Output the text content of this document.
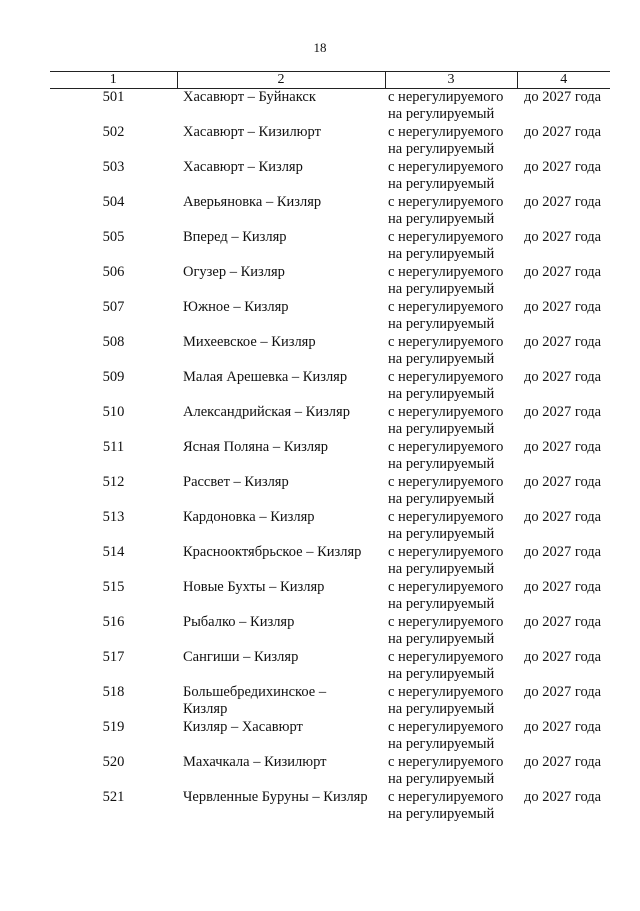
18
1	2	3	4
501	Хасавюрт – Буйнакск	с нерегулируемого
на регулируемый	до 2027 года
502	Хасавюрт – Кизилюрт	с нерегулируемого
на регулируемый	до 2027 года
503	Хасавюрт – Кизляр	с нерегулируемого
на регулируемый	до 2027 года
504	Аверьяновка – Кизляр	с нерегулируемого
на регулируемый	до 2027 года
505	Вперед – Кизляр	с нерегулируемого
на регулируемый	до 2027 года
506	Огузер – Кизляр	с нерегулируемого
на регулируемый	до 2027 года
507	Южное – Кизляр	с нерегулируемого
на регулируемый	до 2027 года
508	Михеевское – Кизляр	с нерегулируемого
на регулируемый	до 2027 года
509	Малая Арешевка – Кизляр	с нерегулируемого
на регулируемый	до 2027 года
510	Александрийская – Кизляр	с нерегулируемого
на регулируемый	до 2027 года
511	Ясная Поляна – Кизляр	с нерегулируемого
на регулируемый	до 2027 года
512	Рассвет – Кизляр	с нерегулируемого
на регулируемый	до 2027 года
513	Кардоновка – Кизляр	с нерегулируемого
на регулируемый	до 2027 года
514	Краснооктябрьское – Кизляр	с нерегулируемого
на регулируемый	до 2027 года
515	Новые Бухты – Кизляр	с нерегулируемого
на регулируемый	до 2027 года
516	Рыбалко – Кизляр	с нерегулируемого
на регулируемый	до 2027 года
517	Сангиши – Кизляр	с нерегулируемого
на регулируемый	до 2027 года
518	Большебредихинское –
Кизляр	с нерегулируемого
на регулируемый	до 2027 года
519	Кизляр – Хасавюрт	с нерегулируемого
на регулируемый	до 2027 года
520	Махачкала – Кизилюрт	с нерегулируемого
на регулируемый	до 2027 года
521	Червленные Буруны – Кизляр	с нерегулируемого
на регулируемый	до 2027 года
